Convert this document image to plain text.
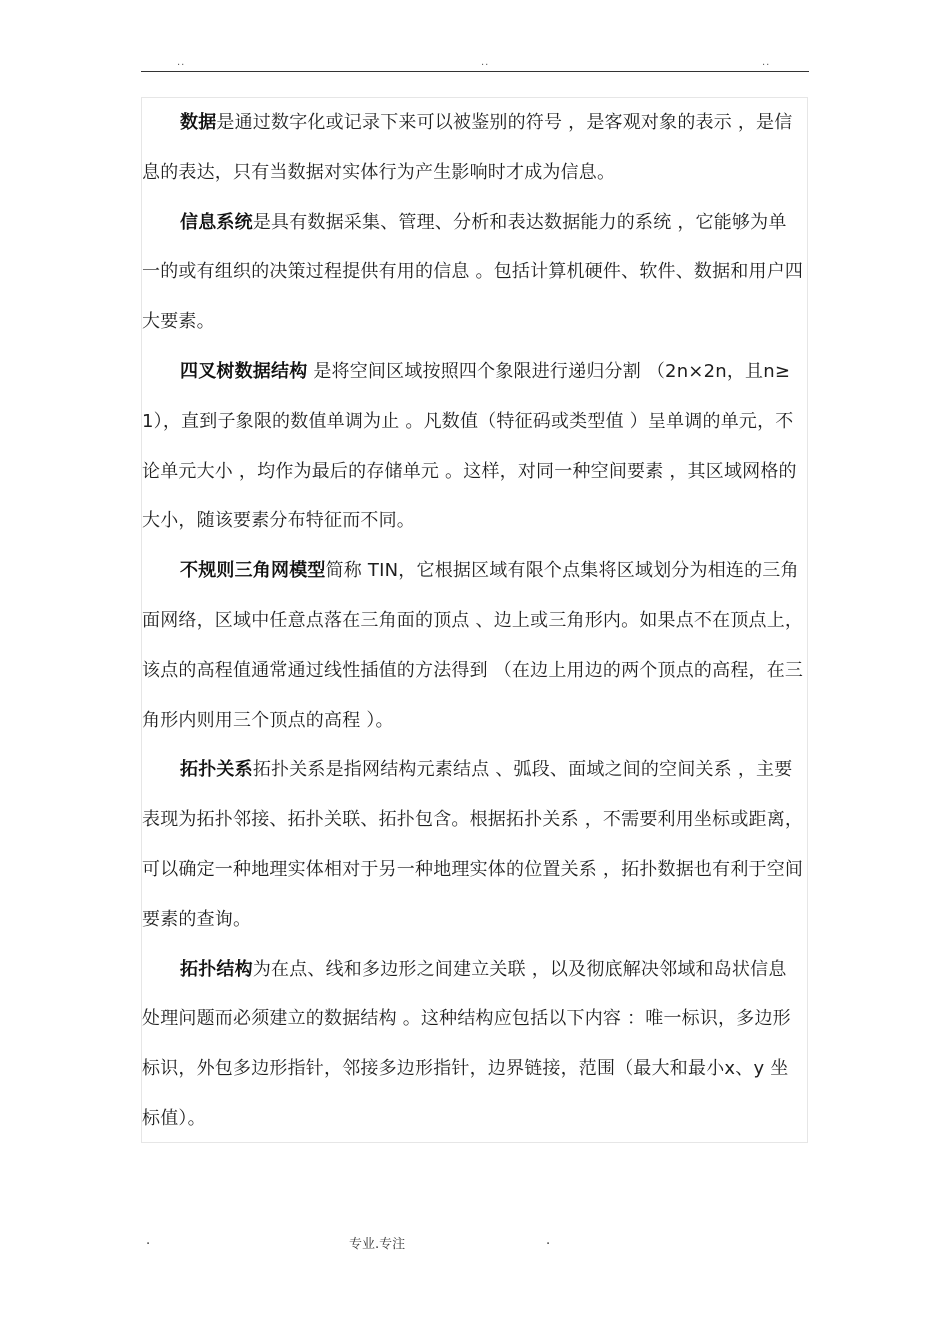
..	..	..

数据是通过数字化或记录下来可以被鉴别的符号 ，是客观对象的表示 ，是信息的表达，只有当数据对实体行为产生影响时才成为信息。

信息系统是具有数据采集、管理、分析和表达数据能力的系统 ，它能够为单一的或有组织的决策过程提供有用的信息 。包括计算机硬件、软件、数据和用户四大要素。

四叉树数据结构 是将空间区域按照四个象限进行递归分割 （2n×2n，且n≥1），直到子象限的数值单调为止 。凡数值（特征码或类型值 ）呈单调的单元，不论单元大小 ，均作为最后的存储单元 。这样，对同一种空间要素 ，其区域网格的大小，随该要素分布特征而不同。

不规则三角网模型简称 TIN，它根据区域有限个点集将区域划分为相连的三角面网络，区域中任意点落在三角面的顶点 、边上或三角形内。如果点不在顶点上，该点的高程值通常通过线性插值的方法得到 （在边上用边的两个顶点的高程，在三角形内则用三个顶点的高程 ）。

拓扑关系拓扑关系是指网结构元素结点 、弧段、面域之间的空间关系 ，主要表现为拓扑邻接、拓扑关联、拓扑包含。根据拓扑关系 ，不需要利用坐标或距离，可以确定一种地理实体相对于另一种地理实体的位置关系 ，拓扑数据也有利于空间要素的查询。

拓扑结构为在点、线和多边形之间建立关联 ，以及彻底解决邻域和岛状信息处理问题而必须建立的数据结构 。这种结构应包括以下内容 ：唯一标识，多边形标识，外包多边形指针，邻接多边形指针，边界链接，范围（最大和最小x、y 坐标值）。

.	专业.专注	.
